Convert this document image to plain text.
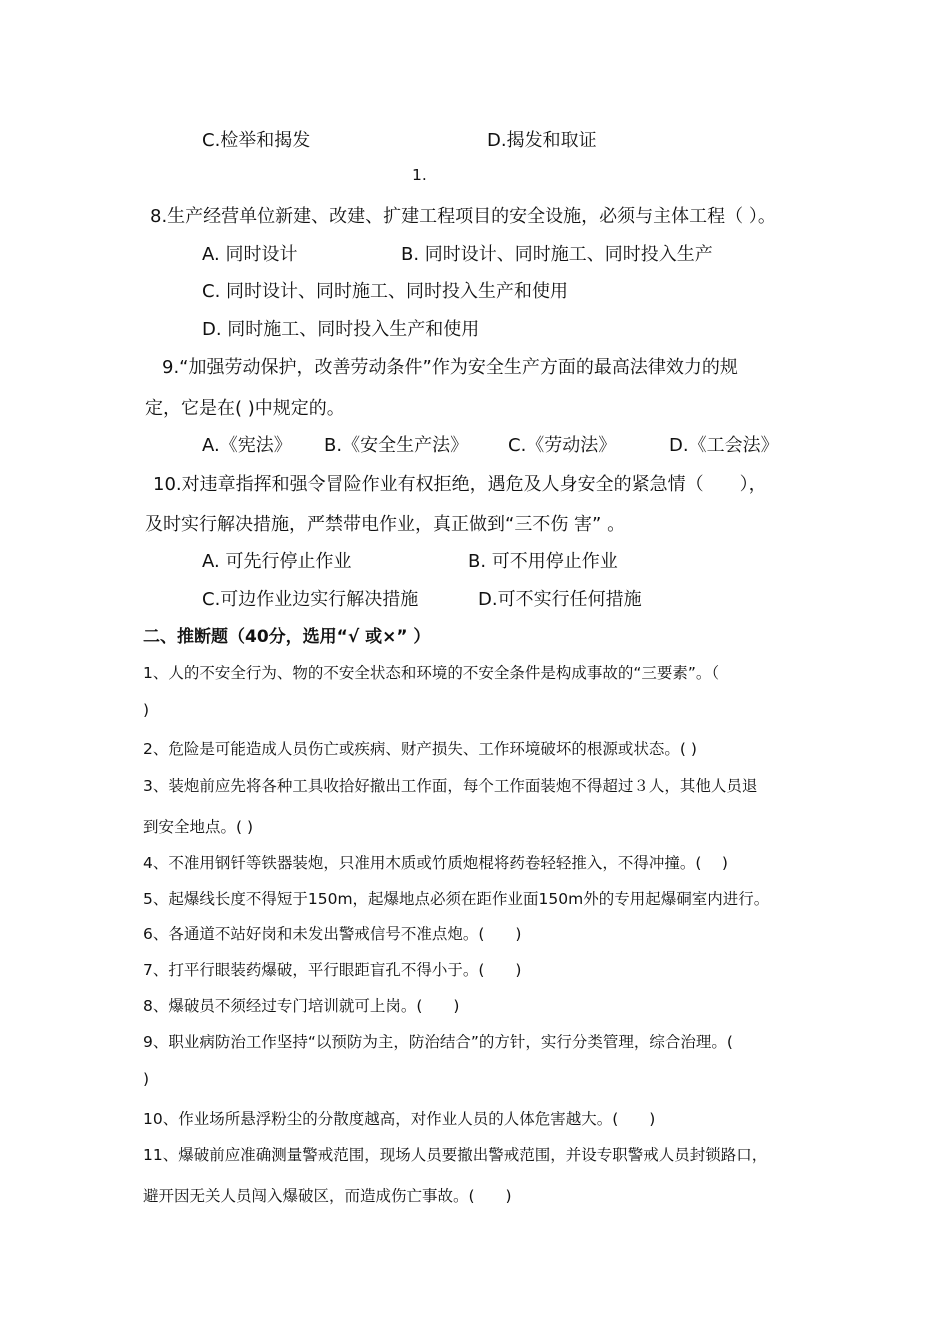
C.检举和揭发	D.揭发和取证
1.
8.生产经营单位新建、改建、扩建工程项目的安全设施，必须与主体工程（ ）。
A. 同时设计	B. 同时设计、同时施工、同时投入生产
C. 同时设计、同时施工、同时投入生产和使用
D. 同时施工、同时投入生产和使用
9.“加强劳动保护，改善劳动条件”作为安全生产方面的最高法律效力的规
定，它是在( )中规定的。
A.《宪法》 B.《安全生产法》 C.《劳动法》	D.《工会法》
10.对违章指挥和强令冒险作业有权拒绝，遇危及人身安全的紧急情（　　），
及时实行解决措施，严禁带电作业，真正做到“三不伤 害” 。
A. 可先行停止作业	B. 可不用停止作业
C.可边作业边实行解决措施	D.可不实行任何措施
二、推断题（40分，选用“√ 或×” ）
1、人的不安全行为、物的不安全状态和环境的不安全条件是构成事故的“三要素”。（
)
2、危险是可能造成人员伤亡或疾病、财产损失、工作环境破坏的根源或状态。( )
3、装炮前应先将各种工具收拾好撤出工作面，每个工作面装炮不得超过３人，其他人员退
到安全地点。( )
4、不准用钢钎等铁器装炮，只准用木质或竹质炮棍将药卷轻轻推入，不得冲撞。(　 )
5、起爆线长度不得短于150m，起爆地点必须在距作业面150m外的专用起爆硐室内进行。
6、各通道不站好岗和未发出警戒信号不准点炮。(　　)
7、打平行眼装药爆破，平行眼距盲孔不得小于。(　　)
8、爆破员不须经过专门培训就可上岗。(　　)
9、职业病防治工作坚持“以预防为主，防治结合”的方针，实行分类管理，综合治理。(
)
10、作业场所悬浮粉尘的分散度越高，对作业人员的人体危害越大。(　　)
11、爆破前应准确测量警戒范围，现场人员要撤出警戒范围，并设专职警戒人员封锁路口，
避开因无关人员闯入爆破区，而造成伤亡事故。(　　)
